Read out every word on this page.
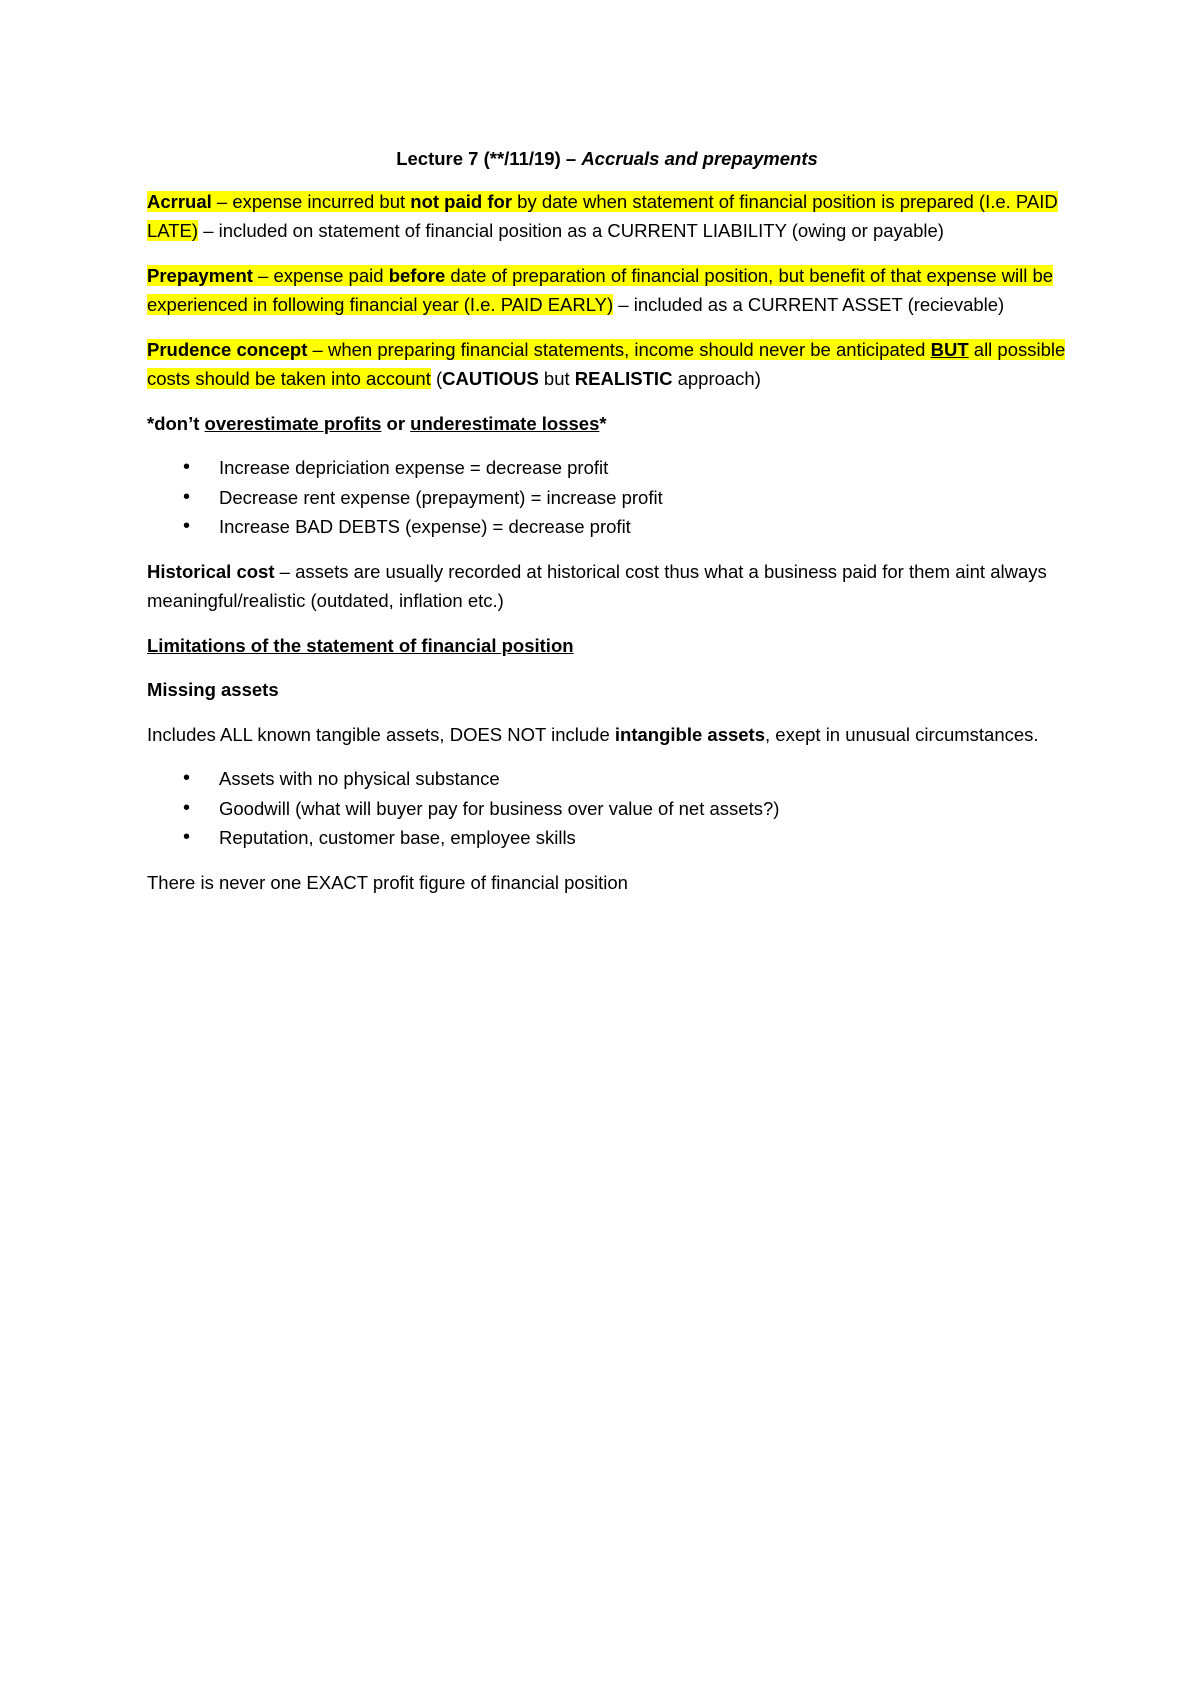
Lecture 7 (**/11/19) – Accruals and prepayments

Acrrual – expense incurred but not paid for by date when statement of financial position is prepared (I.e. PAID LATE) – included on statement of financial position as a CURRENT LIABILITY (owing or payable)

Prepayment – expense paid before date of preparation of financial position, but benefit of that expense will be experienced in following financial year (I.e. PAID EARLY) – included as a CURRENT ASSET (recievable)

Prudence concept – when preparing financial statements, income should never be anticipated BUT all possible costs should be taken into account (CAUTIOUS but REALISTIC approach)

*don’t overestimate profits or underestimate losses*

• Increase depriciation expense = decrease profit
• Decrease rent expense (prepayment) = increase profit
• Increase BAD DEBTS (expense) = decrease profit

Historical cost – assets are usually recorded at historical cost thus what a business paid for them aint always meaningful/realistic (outdated, inflation etc.)

Limitations of the statement of financial position

Missing assets

Includes ALL known tangible assets, DOES NOT include intangible assets, exept in unusual circumstances.

• Assets with no physical substance
• Goodwill (what will buyer pay for business over value of net assets?)
• Reputation, customer base, employee skills

There is never one EXACT profit figure of financial position
